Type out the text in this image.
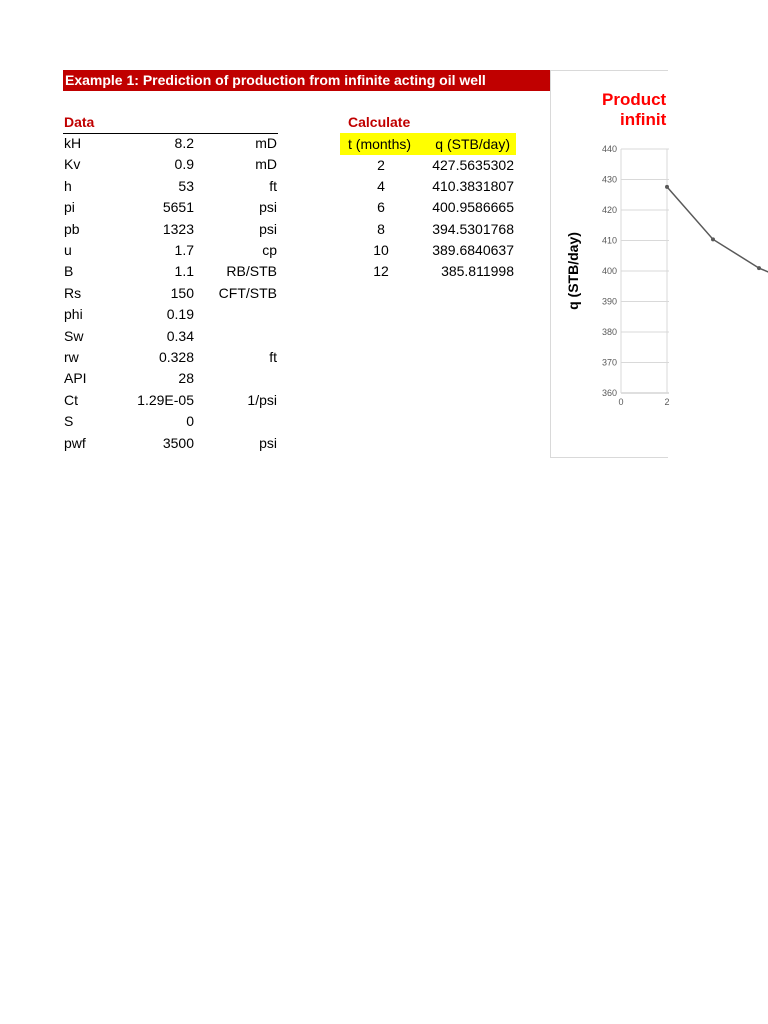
Example 1: Prediction of production from infinite acting oil well
Data
kH	8.2	mD
Kv	0.9	mD
h	53	ft
pi	5651	psi
pb	1323	psi
u	1.7	cp
B	1.1 RB/STB
Rs	150 CFT/STB
phi	0.19
Sw	0.34
rw	0.328	ft
API	28
Ct	1.29E-05	1/psi
S	0
pwf	3500	psi
Calculate
t (months) q (STB/day)
2	427.5635302
4	410.3831807
6	400.9586665
8	394.5301768
10	389.6840637
12	385.811998
Product
infinit
440
430
420
410
400
390
380
370
360
0	2
q (STB/day)
